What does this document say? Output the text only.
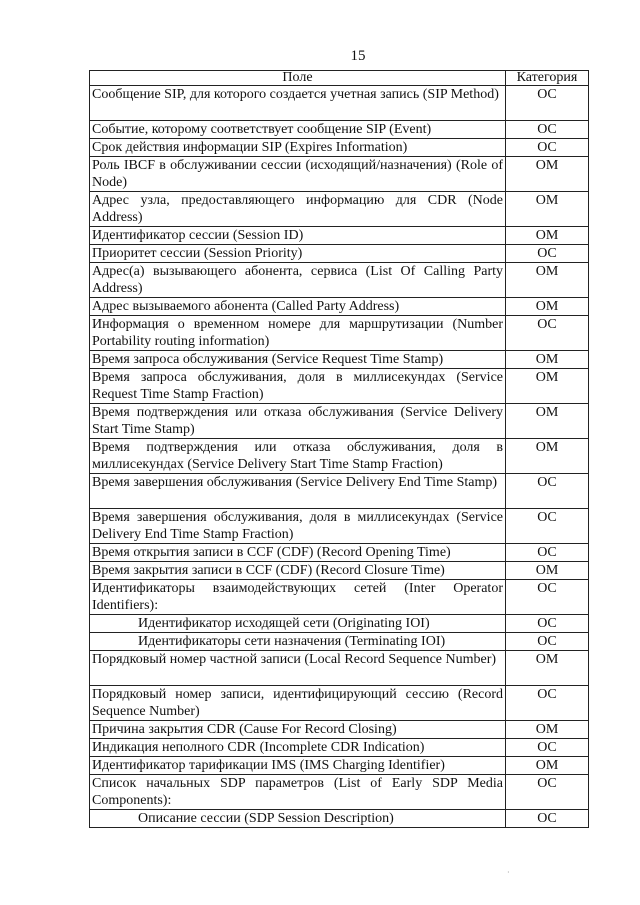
15
Поле	Категория
Сообщение SIP, для которого создается учетная запись (SIP Method)	OC
Событие, которому соответствует сообщение SIP (Event)	OC
Срок действия информации SIP (Expires Information)	OC
Роль IBCF в обслуживании сессии (исходящий/назначения) (Role of Node)	OM
Адрес узла, предоставляющего информацию для CDR (Node Address)	OM
Идентификатор сессии (Session ID)	OM
Приоритет сессии (Session Priority)	OC
Адрес(а) вызывающего абонента, сервиса (List Of Calling Party Address)	OM
Адрес вызываемого абонента (Called Party Address)	OM
Информация о временном номере для маршрутизации (Number Portability routing information)	OC
Время запроса обслуживания (Service Request Time Stamp)	OM
Время запроса обслуживания, доля в миллисекундах (Service Request Time Stamp Fraction)	OM
Время подтверждения или отказа обслуживания (Service Delivery Start Time Stamp)	OM
Время подтверждения или отказа обслуживания, доля в миллисекундах (Service Delivery Start Time Stamp Fraction)	OM
Время завершения обслуживания (Service Delivery End Time Stamp)	OC
Время завершения обслуживания, доля в миллисекундах (Service Delivery End Time Stamp Fraction)	OC
Время открытия записи в CCF (CDF) (Record Opening Time)	OC
Время закрытия записи в CCF (CDF) (Record Closure Time)	OM
Идентификаторы взаимодействующих сетей (Inter Operator Identifiers):	OC
Идентификатор исходящей сети (Originating IOI)	OC
Идентификаторы сети назначения (Terminating IOI)	OC
Порядковый номер частной записи (Local Record Sequence Number)	OM
Порядковый номер записи, идентифицирующий сессию (Record Sequence Number)	OC
Причина закрытия CDR (Cause For Record Closing)	OM
Индикация неполного CDR (Incomplete CDR Indication)	OC
Идентификатор тарификации IMS (IMS Charging Identifier)	OM
Список начальных SDP параметров (List of Early SDP Media Components):	OC
Описание сессии (SDP Session Description)	OC
·
